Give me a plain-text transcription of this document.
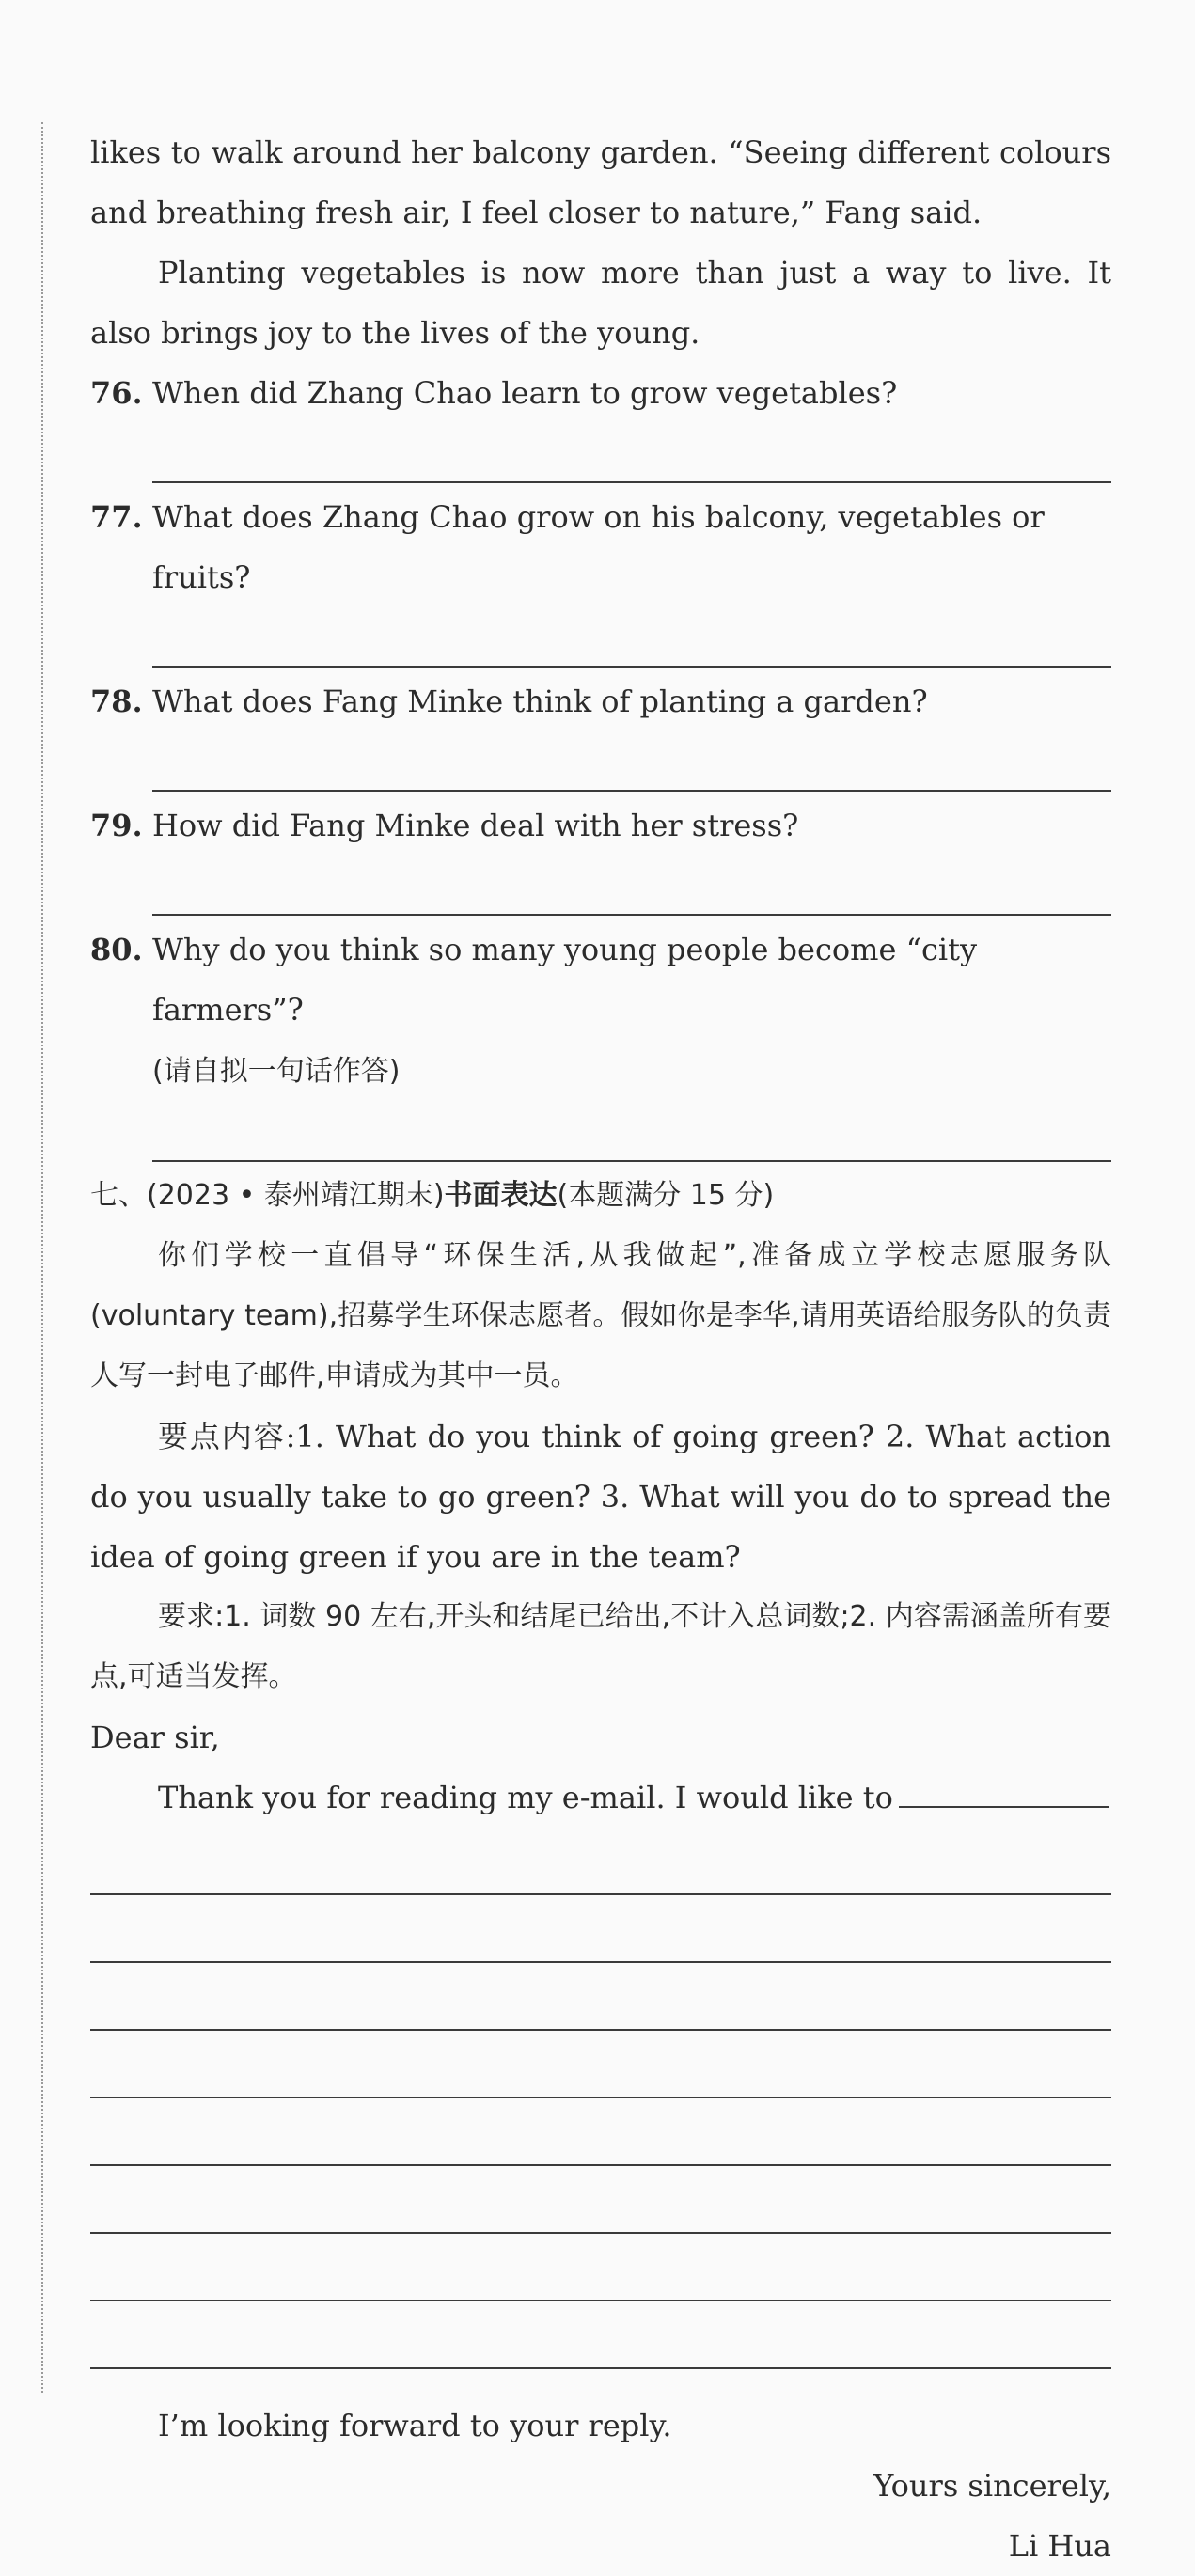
likes to walk around her balcony garden. “Seeing different colours and breathing fresh air, I feel closer to nature,” Fang said.

Planting vegetables is now more than just a way to live. It also brings joy to the lives of the young.

76. When did Zhang Chao learn to grow vegetables?
77. What does Zhang Chao grow on his balcony, vegetables or fruits?
78. What does Fang Minke think of planting a garden?
79. How did Fang Minke deal with her stress?
80. Why do you think so many young people become “city farmers”?
(请自拟一句话作答)

七、(2023 • 泰州靖江期末)书面表达(本题满分 15 分)

你们学校一直倡导“环保生活,从我做起”,准备成立学校志愿服务队(voluntary team),招募学生环保志愿者。假如你是李华,请用英语给服务队的负责人写一封电子邮件,申请成为其中一员。

要点内容:1. What do you think of going green? 2. What action do you usually take to go green? 3. What will you do to spread the idea of going green if you are in the team?

要求:1. 词数 90 左右,开头和结尾已给出,不计入总词数;2. 内容需涵盖所有要点,可适当发挥。

Dear sir,

Thank you for reading my e-mail. I would like to

I’m looking forward to your reply.

Yours sincerely,

Li Hua
